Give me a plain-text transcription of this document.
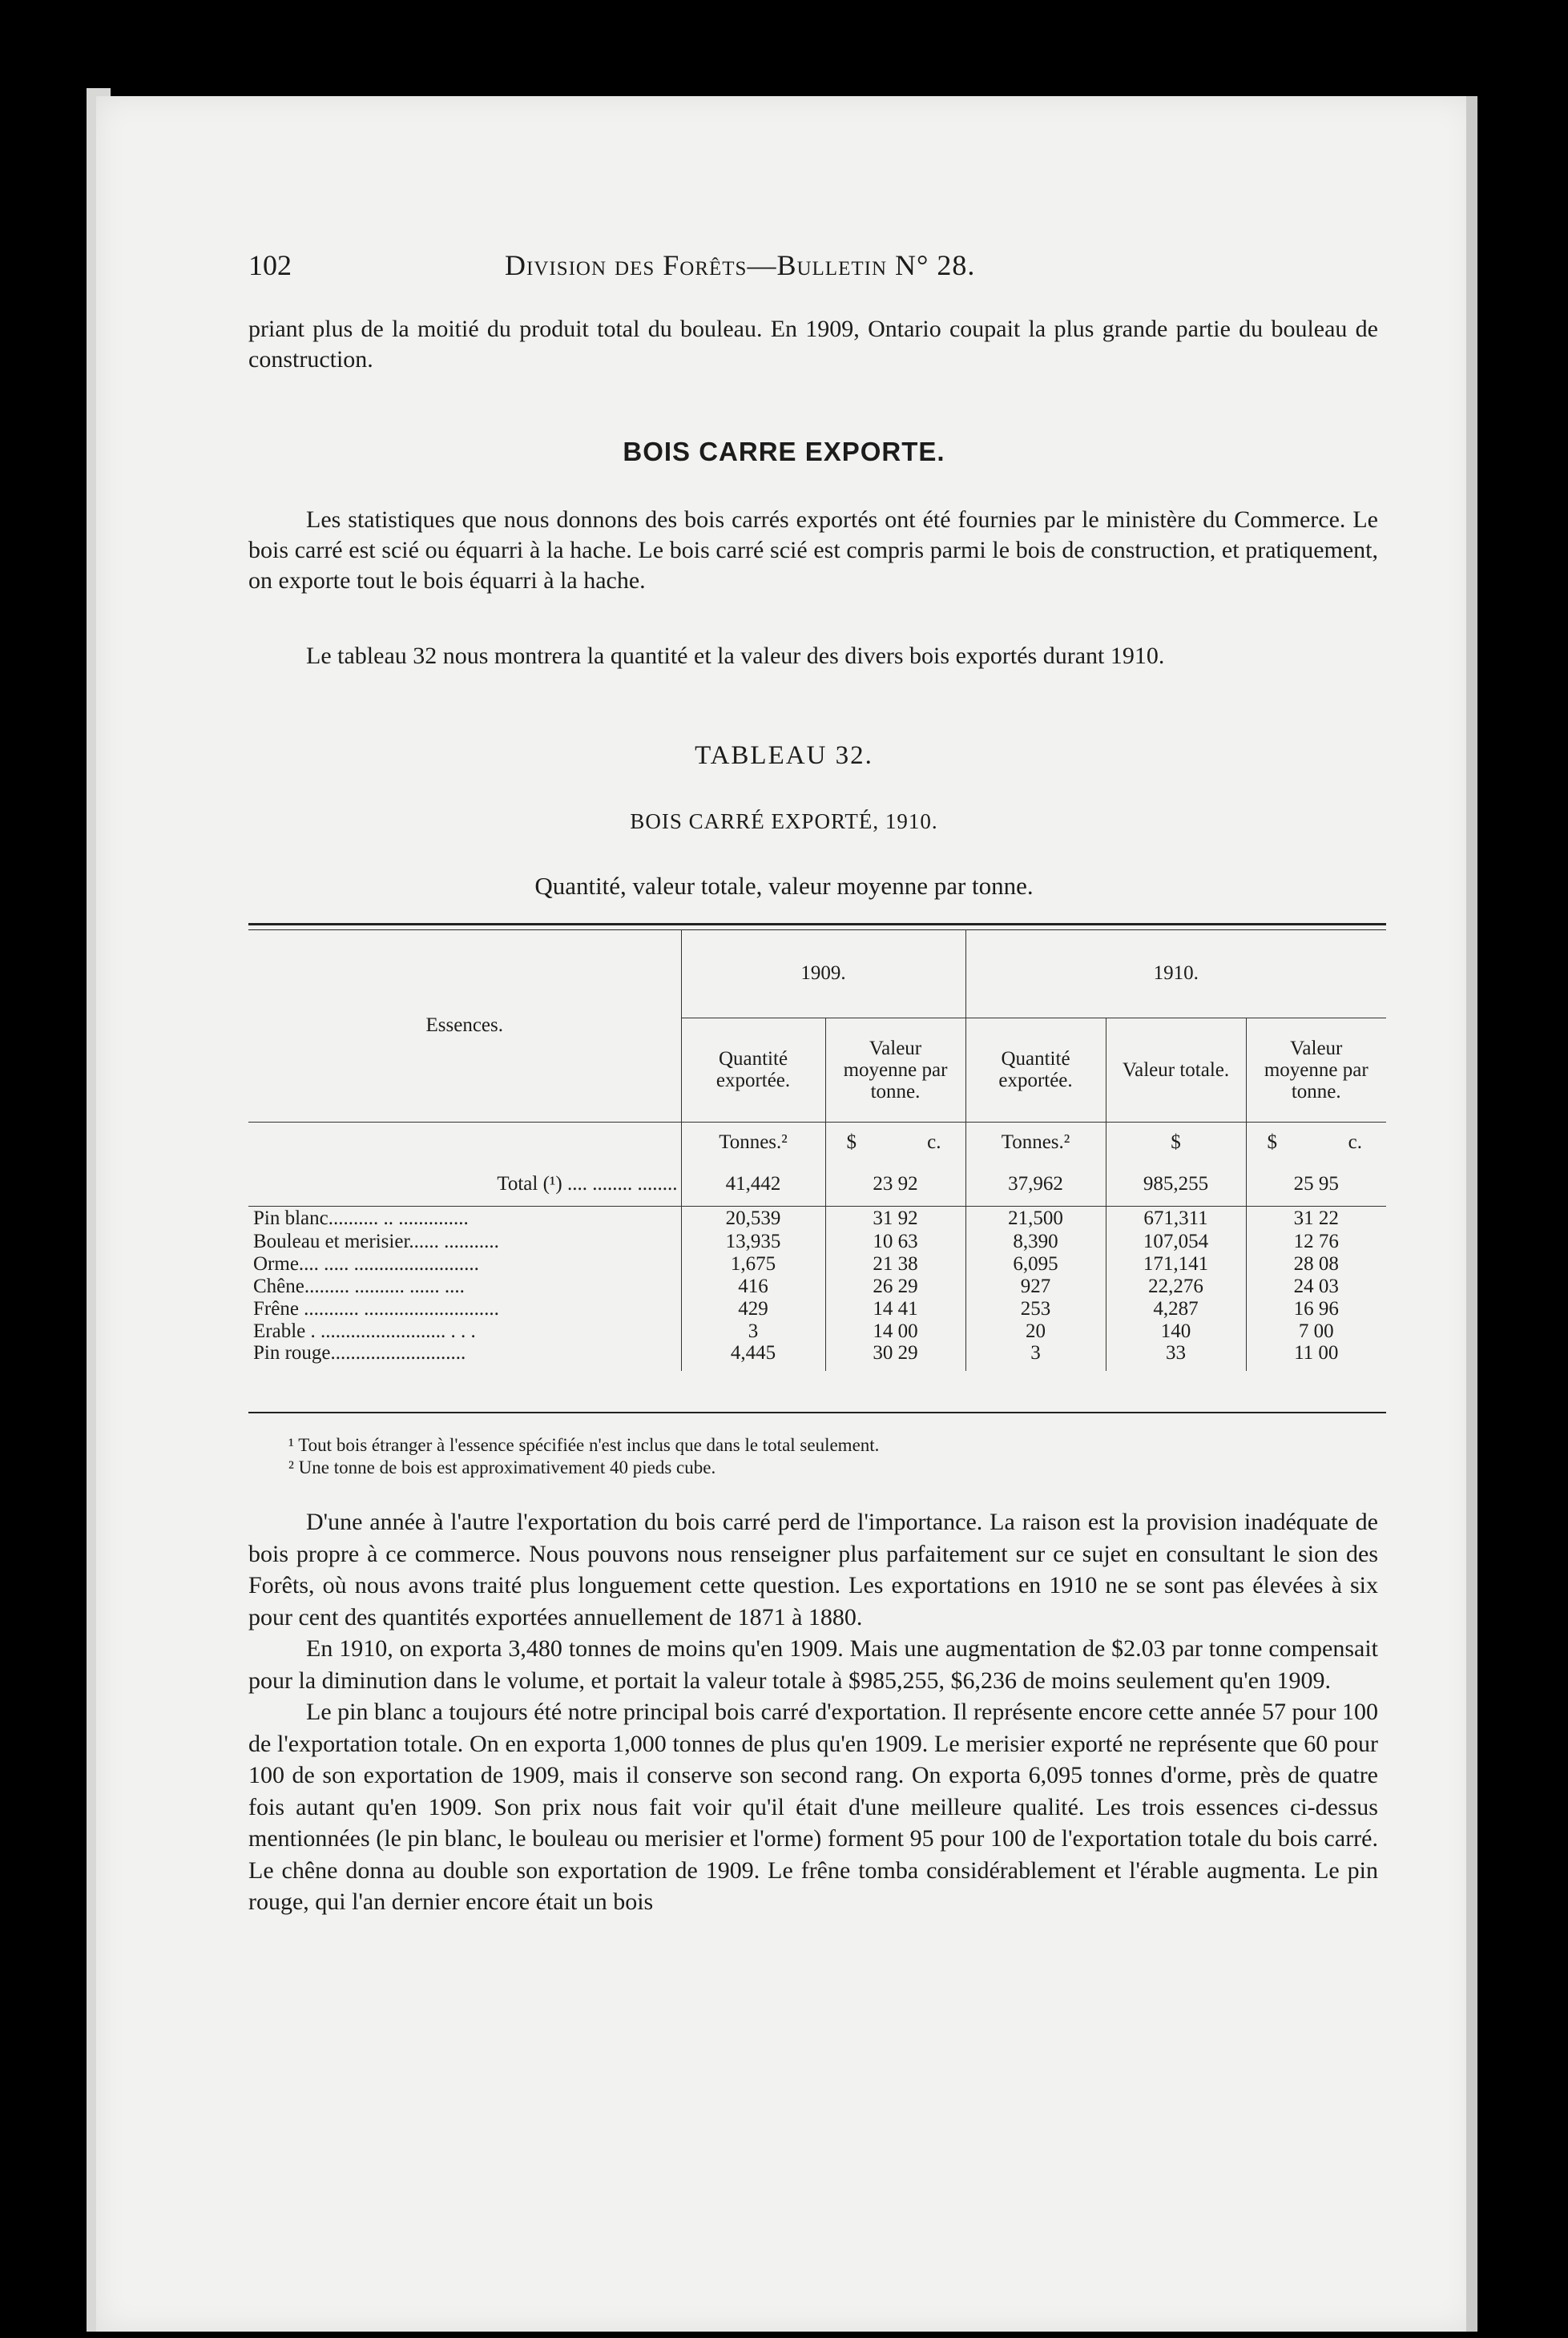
102	Division des Forêts—Bulletin N° 28.
priant plus de la moitié du produit total du bouleau. En 1909, Ontario coupait la plus grande partie du bouleau de construction.
BOIS CARRE EXPORTE.
Les statistiques que nous donnons des bois carrés exportés ont été fournies par le ministère du Commerce. Le bois carré est scié ou équarri à la hache. Le bois carré scié est compris parmi le bois de construction, et pratiquement, on exporte tout le bois équarri à la hache.
Le tableau 32 nous montrera la quantité et la valeur des divers bois exportés durant 1910.
TABLEAU 32.
BOIS CARRÉ EXPORTÉ, 1910.
Quantité, valeur totale, valeur moyenne par tonne.
Essences.	1909.		1910.		
	Quantité exportée.	Valeur moyenne par tonne.	Quantité exportée.	Valeur totale.	Valeur moyenne par tonne.
	Tonnes.²	$ c.	Tonnes.²	$	$ c.

Total (¹) .... ........ ........	41,442	23 92	37,962	985,255	25 95
Pin blanc.......... .. ..............	20,539	31 92	21,500	671,311	31 22
Bouleau et merisier...... ...........	13,935	10 63	8,390	107,054	12 76
Orme.... ..... .........................	1,675	21 38	6,095	171,141	28 08
Chêne......... .......... ...... ....	416	26 29	927	22,276	24 03
Frêne ........... ...........................	429	14 41	253	4,287	16 96
Erable . ......................... . . .	3	14 00	20	140	7 00
Pin rouge...........................	4,445	30 29	3	33	11 00
¹ Tout bois étranger à l'essence spécifiée n'est inclus que dans le total seulement.
² Une tonne de bois est approximativement 40 pieds cube.

D'une année à l'autre l'exportation du bois carré perd de l'importance. La raison est la provision inadéquate de bois propre à ce commerce. Nous pouvons nous renseigner plus parfaitement sur ce sujet en consultant le sion des Forêts, où nous avons traité plus longuement cette question. Les exportations en 1910 ne se sont pas élevées à six pour cent des quantités exportées annuellement de 1871 à 1880.

En 1910, on exporta 3,480 tonnes de moins qu'en 1909. Mais une augmentation de $2.03 par tonne compensait pour la diminution dans le volume, et portait la valeur totale à $985,255, $6,236 de moins seulement qu'en 1909.

Le pin blanc a toujours été notre principal bois carré d'exportation. Il représente encore cette année 57 pour 100 de l'exportation totale. On en exporta 1,000 tonnes de plus qu'en 1909. Le merisier exporté ne représente que 60 pour 100 de son exportation de 1909, mais il conserve son second rang. On exporta 6,095 tonnes d'orme, près de quatre fois autant qu'en 1909. Son prix nous fait voir qu'il était d'une meilleure qualité. Les trois essences ci-dessus mentionnées (le pin blanc, le bouleau ou merisier et l'orme) forment 95 pour 100 de l'exportation totale du bois carré. Le chêne donna au double son exportation de 1909. Le frêne tomba considérablement et l'érable augmenta. Le pin rouge, qui l'an dernier encore était un bois
